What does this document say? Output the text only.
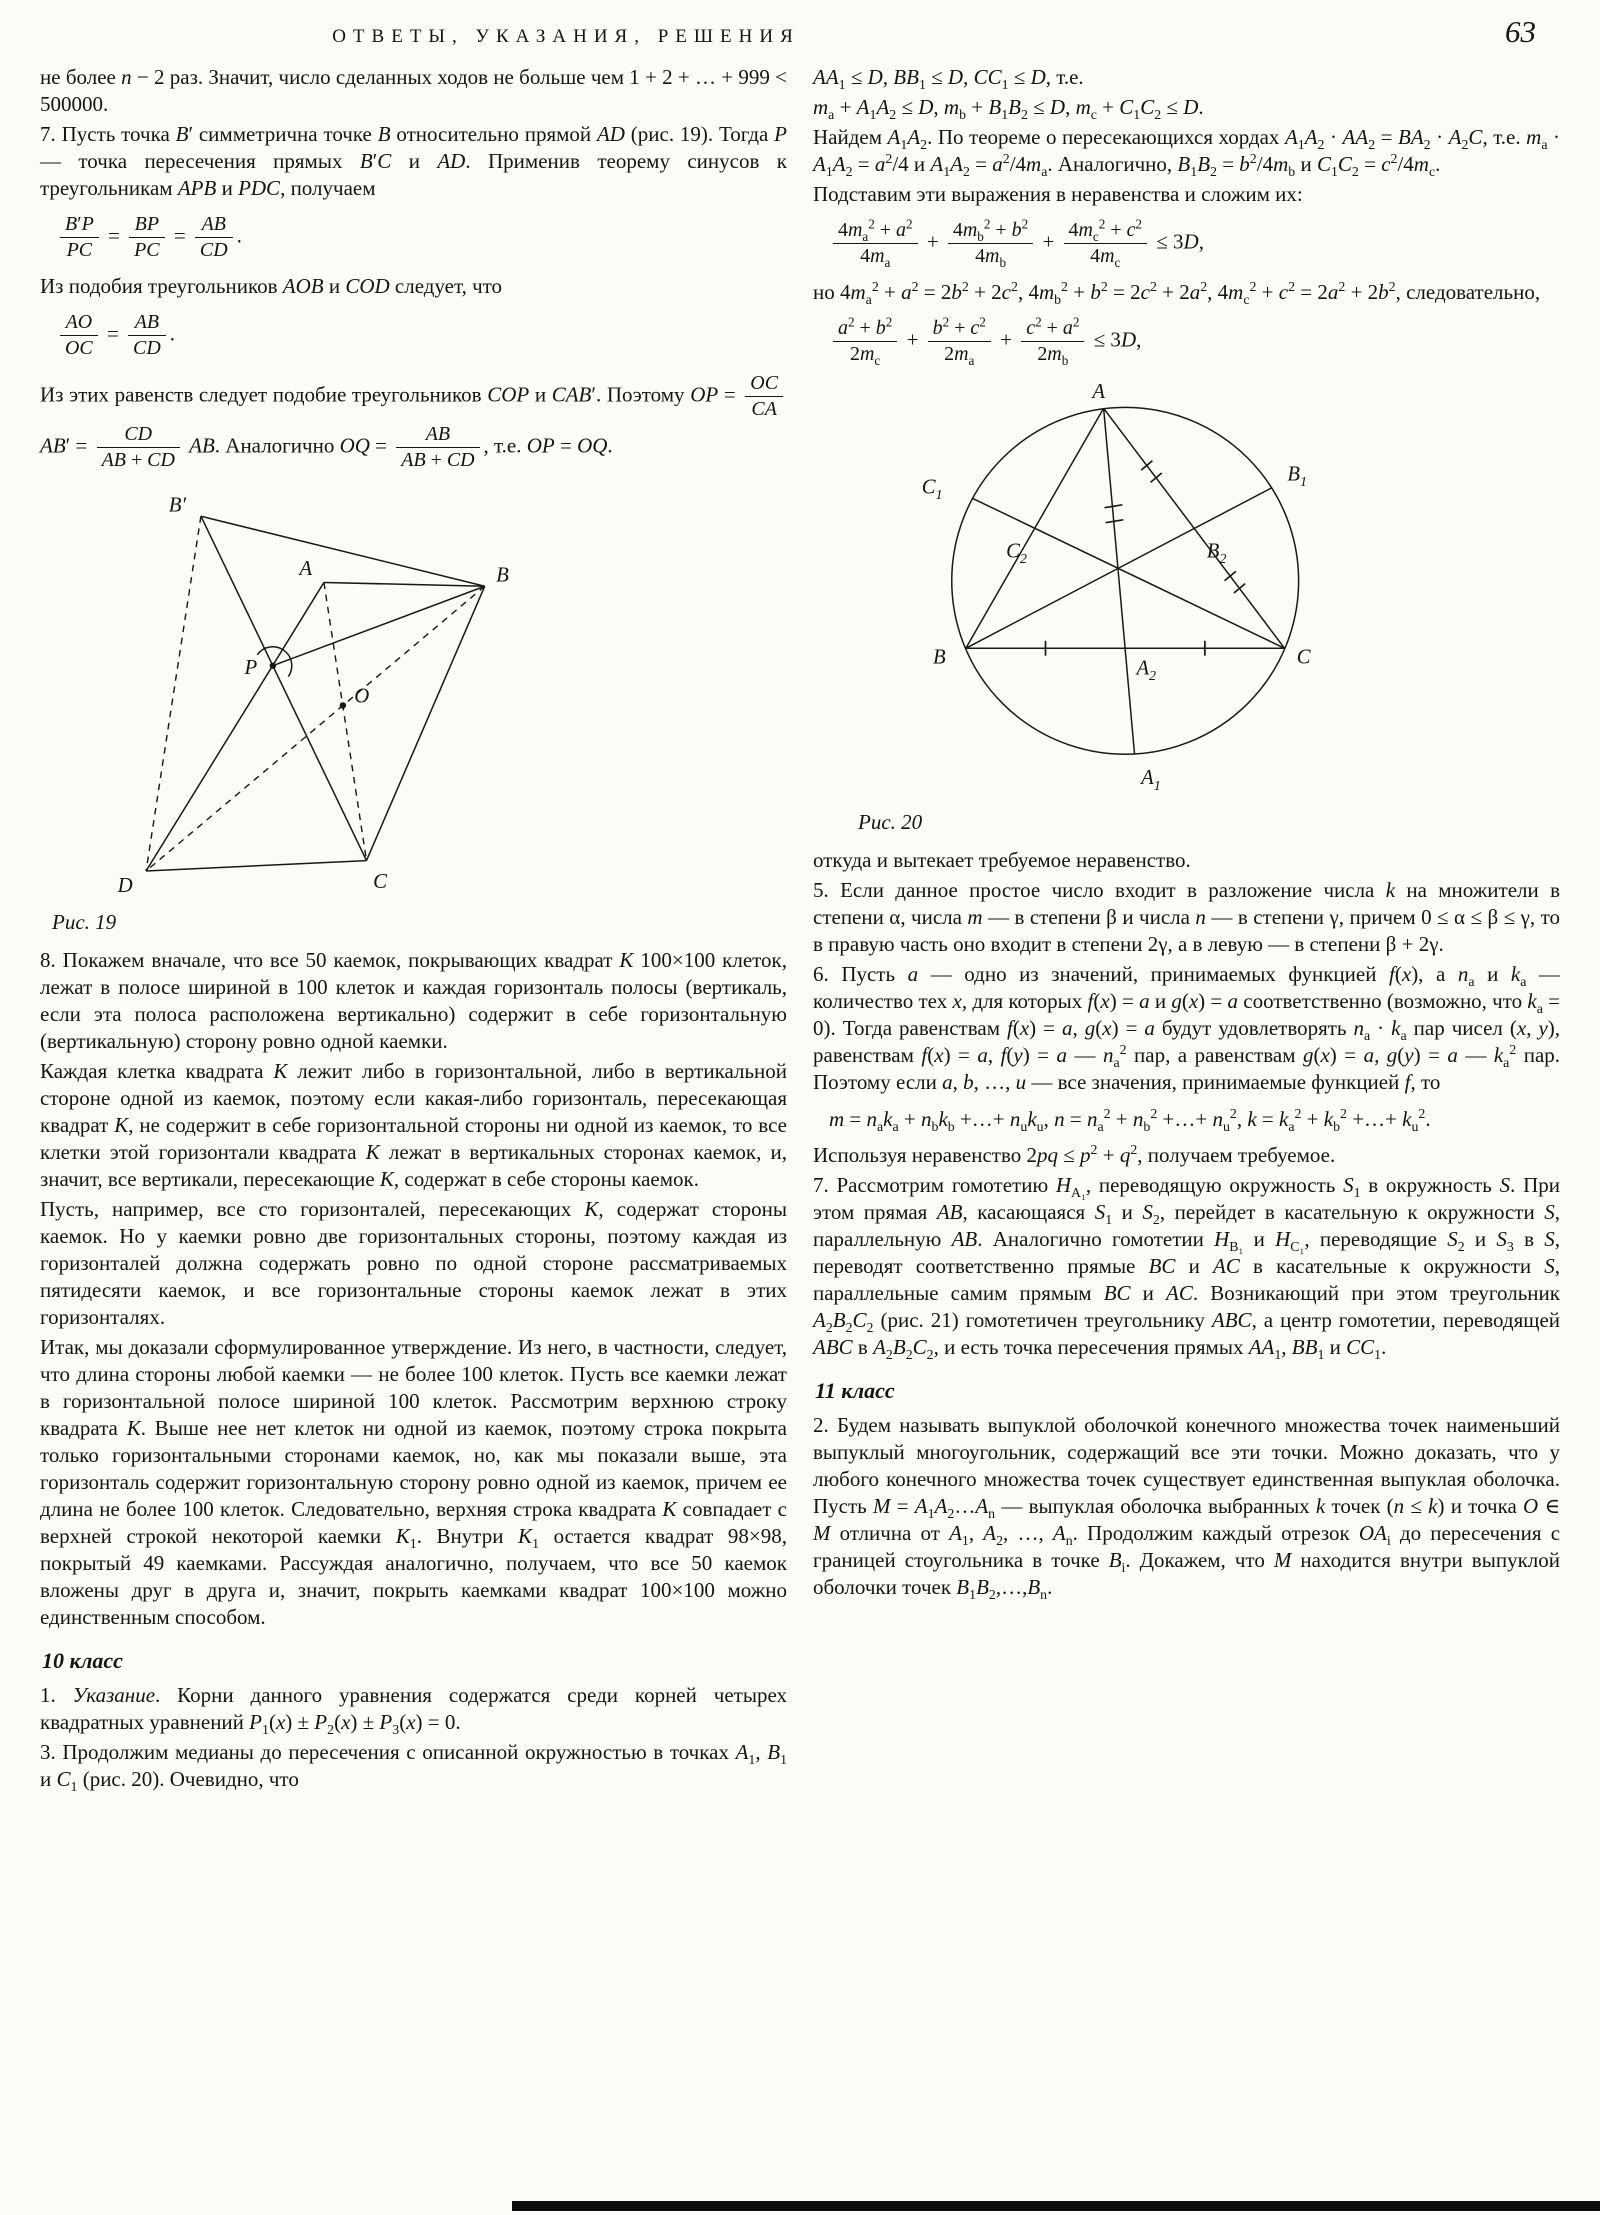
ОТВЕТЫ, УКАЗАНИЯ, РЕШЕНИЯ	63
не более n − 2 раз. Значит, число сделанных ходов не больше чем 1 + 2 + … + 999 < 500000.
7. Пусть точка B′ симметрична точке B относительно прямой AD (рис. 19). Тогда P — точка пересечения прямых B′C и AD. Применив теорему синусов к треугольникам APB и PDC, получаем
$\frac{B'P}{PC} = \frac{BP}{PC} = \frac{AB}{CD}$ .
Из подобия треугольников AOB и COD следует, что
$\frac{AO}{OC} = \frac{AB}{CD}$ .
Из этих равенств следует подобие треугольников COP и CAB′. Поэтому OP = $\frac{OC}{CA}$
$AB' = \frac{CD}{AB + CD}$ AB. Аналогично OQ = $\frac{AB}{AB + CD}$ , т.е. OP = OQ.
B′
A	B
P
O
D	C
Рис. 19
8. Покажем вначале, что все 50 каемок, покрывающих квадрат K 100×100 клеток, лежат в полосе шириной в 100 клеток и каждая горизонталь полосы (вертикаль, если эта полоса расположена вертикально) содержит в себе горизонтальную (вертикальную) сторону ровно одной каемки.
Каждая клетка квадрата K лежит либо в горизонтальной, либо в вертикальной стороне одной из каемок, поэтому если какая-либо горизонталь, пересекающая квадрат K, не содержит в себе горизонтальной стороны ни одной из каемок, то все клетки этой горизонтали квадрата K лежат в вертикальных сторонах каемок, и, значит, все вертикали, пересекающие K, содержат в себе стороны каемок.
Пусть, например, все сто горизонталей, пересекающих K, содержат стороны каемок. Но у каемки ровно две горизонтальных стороны, поэтому каждая из горизонталей должна содержать ровно по одной стороне рассматриваемых пятидесяти каемок, и все горизонтальные стороны каемок лежат в этих горизонталях.
Итак, мы доказали сформулированное утверждение. Из него, в частности, следует, что длина стороны любой каемки — не более 100 клеток. Пусть все каемки лежат в горизонтальной полосе шириной 100 клеток. Рассмотрим верхнюю строку квадрата K. Выше нее нет клеток ни одной из каемок, поэтому строка покрыта только горизонтальными сторонами каемок, но, как мы показали выше, эта горизонталь содержит горизонтальную сторону ровно одной из каемок, причем ее длина не более 100 клеток. Следовательно, верхняя строка квадрата K совпадает с верхней строкой некоторой каемки $K_1$. Внутри $K_1$ остается квадрат 98×98, покрытый 49 каемками. Рассуждая аналогично, получаем, что все 50 каемок вложены друг в друга и, значит, покрыть каемками квадрат 100×100 можно единственным способом.
10 класс
1. Указание. Корни данного уравнения содержатся среди корней четырех квадратных уравнений $P_1(x) \pm P_2(x) \pm P_3(x) = 0$.
3. Продолжим медианы до пересечения с описанной окружностью в точках $A_1$, $B_1$ и $C_1$ (рис. 20). Очевидно, что
$AA_1 \le D$, $BB_1 \le D$, $CC_1 \le D$, т.е.
$m_a + A_1A_2 \le D$, $m_b + B_1B_2 \le D$, $m_c + C_1C_2 \le D$.
Найдем $A_1A_2$. По теореме о пересекающихся хордах $A_1A_2 \cdot AA_2 = BA_2 \cdot A_2C$, т.е. $m_a \cdot A_1A_2 = a^2/4$ и $A_1A_2 = a^2/4m_a$. Аналогично, $B_1B_2 = b^2/4m_b$ и $C_1C_2 = c^2/4m_c$.
Подставим эти выражения в неравенства и сложим их:
$\frac{4m_a^2 + a^2}{4m_a} + \frac{4m_b^2 + b^2}{4m_b} + \frac{4m_c^2 + c^2}{4m_c} \le 3D$,
но $4m_a^2 + a^2 = 2b^2 + 2c^2$, $4m_b^2 + b^2 = 2c^2 + 2a^2$, $4m_c^2 + c^2 = 2a^2 + 2b^2$, следовательно,
$\frac{a^2 + b^2}{2m_c} + \frac{b^2 + c^2}{2m_a} + \frac{c^2 + a^2}{2m_b} \le 3D$,
A
$B_1$
$C_1$
$C_2$	$B_2$
B
$A_2$
C
$A_1$
Рис. 20
откуда и вытекает требуемое неравенство.
5. Если данное простое число входит в разложение числа k на множители в степени α, числа m — в степени β и числа n — в степени γ, причем 0 ≤ α ≤ β ≤ γ, то в правую часть оно входит в степени 2γ, а в левую — в степени β + 2γ.
6. Пусть a — одно из значений, принимаемых функцией f(x), а $n_a$ и $k_a$ — количество тех x, для которых f(x) = a и g(x) = a соответственно (возможно, что $k_a = 0$). Тогда равенствам f(x) = a, g(x) = a будут удовлетворять $n_a \cdot k_a$ пар чисел (x, y), равенствам f(x) = a, f(y) = a — $n_a^2$ пар, а равенствам g(x) = a, g(y) = a — $k_a^2$ пар. Поэтому если a, b, …, u — все значения, принимаемые функцией f, то
$m = n_ak_a + n_bk_b$ +…+ $n_uk_u$, $n = n_a^2 + n_b^2$ +…+ $n_u^2$, $k = k_a^2 + k_b^2$ +…+ $k_u^2$.
Используя неравенство $2pq \le p^2 + q^2$, получаем требуемое.
7. Рассмотрим гомотетию $H_{A_1}$, переводящую окружность $S_1$ в окружность S. При этом прямая AB, касающаяся $S_1$ и $S_2$, перейдет в касательную к окружности S, параллельную AB. Аналогично гомотетии $H_{B_1}$ и $H_{C_1}$, переводящие $S_2$ и $S_3$ в S, переводят соответственно прямые BC и AC в касательные к окружности S, параллельные самим прямым BC и AC. Возникающий при этом треугольник $A_2B_2C_2$ (рис. 21) гомотетичен треугольнику ABC, а центр гомотетии, переводящей ABC в $A_2B_2C_2$, и есть точка пересечения прямых $AA_1$, $BB_1$ и $CC_1$.
11 класс
2. Будем называть выпуклой оболочкой конечного множества точек наименьший выпуклый многоугольник, содержащий все эти точки. Можно доказать, что у любого конечного множества точек существует единственная выпуклая оболочка. Пусть $M = A_1A_2\dots A_n$ — выпуклая оболочка выбранных k точек (n ≤ k) и точка O ∈ M отлична от $A_1$, $A_2$, …, $A_n$. Продолжим каждый отрезок $OA_i$ до пересечения с границей стоугольника в точке $B_i$. Докажем, что M находится внутри выпуклой оболочки точек $B_1B_2,\dots,B_n$.
